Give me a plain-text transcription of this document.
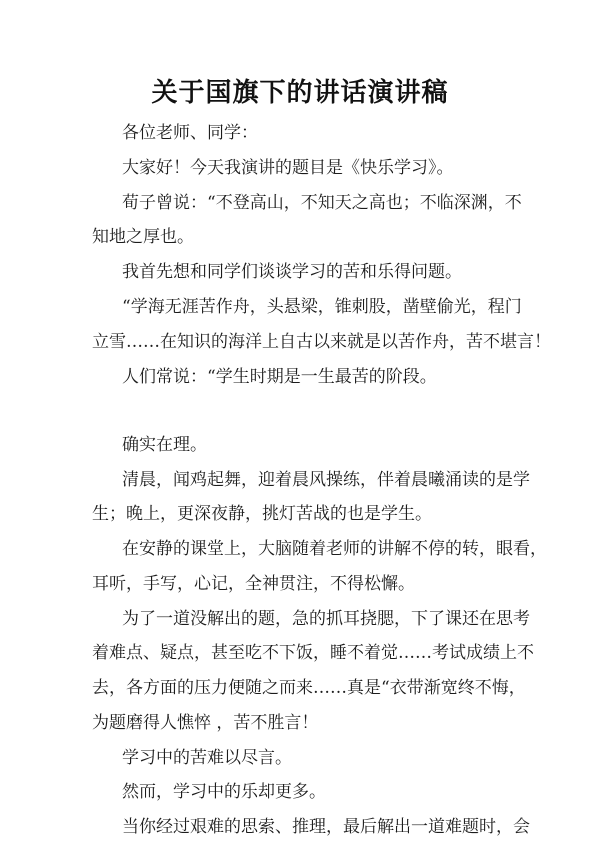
关于国旗下的讲话演讲稿
各位老师、同学：
大家好！今天我演讲的题目是《快乐学习》。
荀子曾说：“不登高山，不知天之高也；不临深渊，不
知地之厚也。
我首先想和同学们谈谈学习的苦和乐得问题。
“学海无涯苦作舟，头悬梁，锥刺股，凿壁偷光，程门
立雪……在知识的海洋上自古以来就是以苦作舟，苦不堪言！
人们常说：“学生时期是一生最苦的阶段。
确实在理。
清晨，闻鸡起舞，迎着晨风操练，伴着晨曦涌读的是学
生；晚上，更深夜静，挑灯苦战的也是学生。
在安静的课堂上，大脑随着老师的讲解不停的转，眼看，
耳听，手写，心记，全神贯注，不得松懈。
为了一道没解出的题，急的抓耳挠腮，下了课还在思考
着难点、疑点，甚至吃不下饭，睡不着觉……考试成绩上不
去，各方面的压力便随之而来……真是“衣带渐宽终不悔，
为题磨得人憔悴 ，苦不胜言！
学习中的苦难以尽言。
然而，学习中的乐却更多。
当你经过艰难的思索、推理，最后解出一道难题时，会
